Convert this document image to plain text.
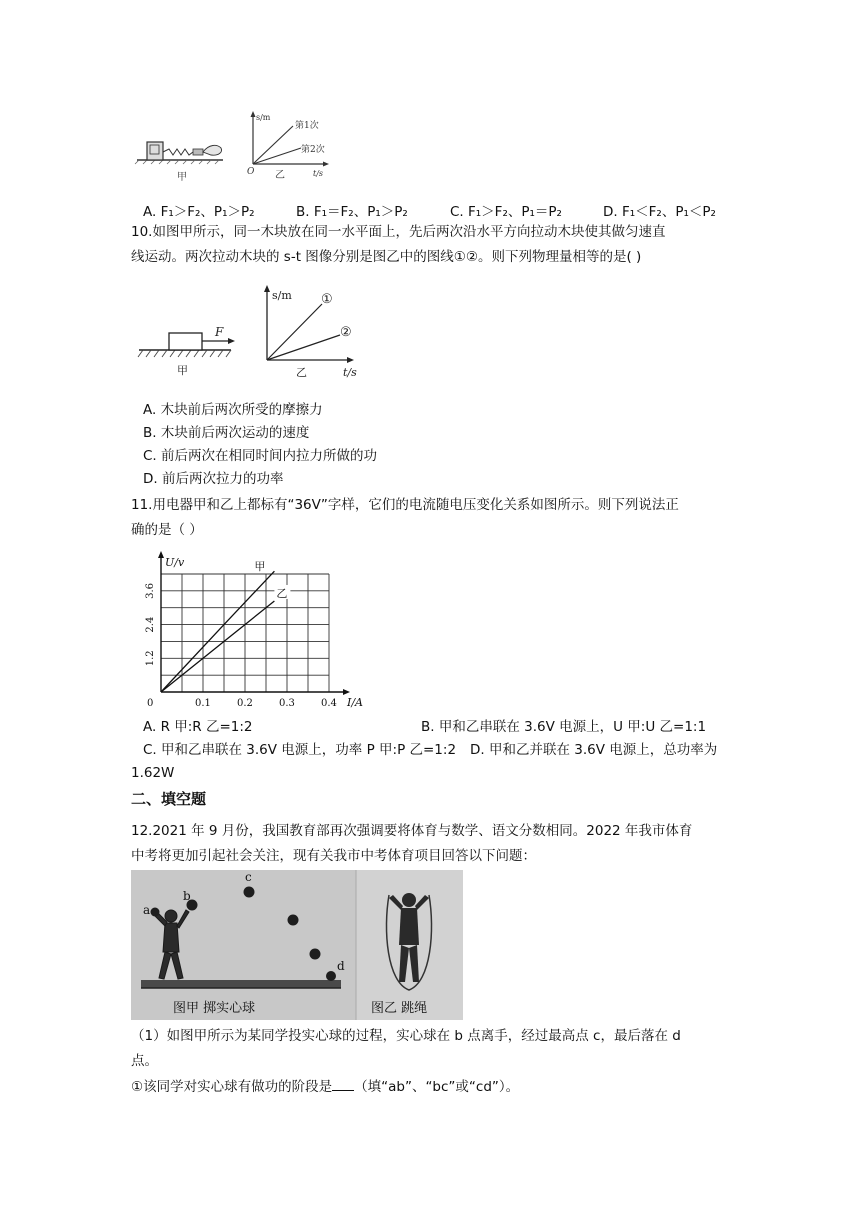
甲
s/m
第1次
第2次
O 乙	t/s
A. F₁＞F₂、P₁＞P₂	B. F₁＝F₂、P₁＞P₂	C. F₁＞F₂、P₁＝P₂	D. F₁＜F₂、P₁＜P₂
10.如图甲所示，同一木块放在同一水平面上，先后两次沿水平方向拉动木块使其做匀速直
线运动。两次拉动木块的 s-t 图像分别是图乙中的图线①②。则下列物理量相等的是( )
F
甲
s/m ①
②
乙	t/s
A. 木块前后两次所受的摩擦力
B. 木块前后两次运动的速度
C. 前后两次在相同时间内拉力所做的功
D. 前后两次拉力的功率
11.用电器甲和乙上都标有“36V”字样，它们的电流随电压变化关系如图所示。则下列说法正
确的是（ ）
U/v
I/A
0	0.1	0.2	0.3	0.4
1.2
2.4
3.6
甲
乙
A. R 甲:R 乙=1:2	B. 甲和乙串联在 3.6V 电源上，U 甲:U 乙=1:1
C. 甲和乙串联在 3.6V 电源上，功率 P 甲:P 乙=1:2 D. 甲和乙并联在 3.6V 电源上，总功率为
1.62W
二、填空题
12.2021 年 9 月份，我国教育部再次强调要将体育与数学、语文分数相同。2022 年我市体育
中考将更加引起社会关注，现有关我市中考体育项目回答以下问题：
a
b
c
d
图甲 掷实心球	图乙 跳绳
（1）如图甲所示为某同学投实心球的过程，实心球在 b 点离手，经过最高点 c，最后落在 d
点。
①该同学对实心球有做功的阶段是 （填“ab”、“bc”或“cd”）。
